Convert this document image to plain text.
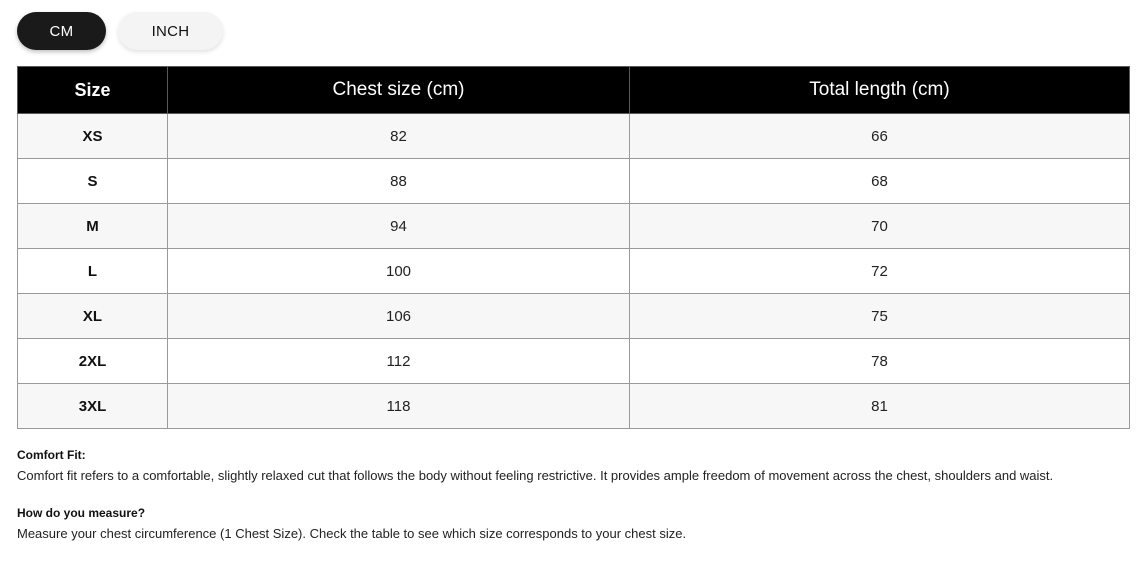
CM	INCH
Size	Chest size (cm)	Total length (cm)
XS	82	66
S	88	68
M	94	70
L	100	72
XL	106	75
2XL	112	78
3XL	118	81
Comfort Fit:
Comfort fit refers to a comfortable, slightly relaxed cut that follows the body without feeling restrictive. It provides ample freedom of movement across the chest, shoulders and waist.
How do you measure?
Measure your chest circumference (1 Chest Size). Check the table to see which size corresponds to your chest size.
